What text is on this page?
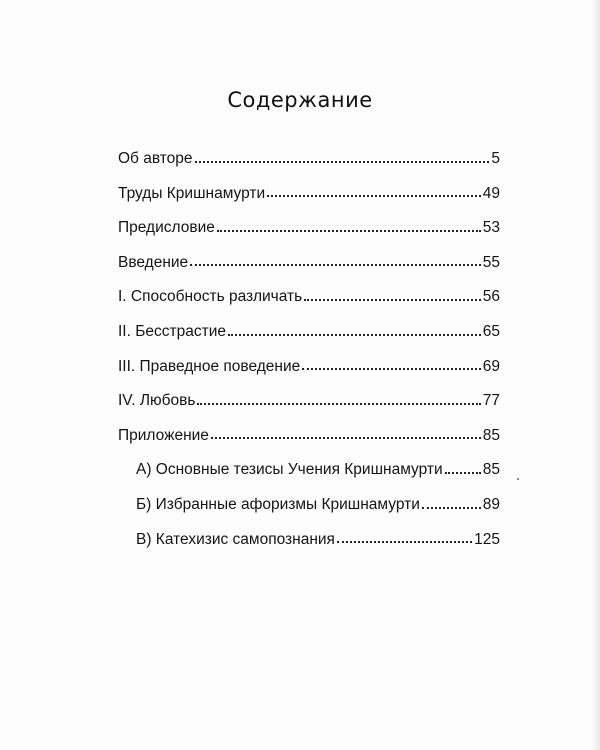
Содержание
Об авторе	5
Труды Кришнамурти	49
Предисловие	53
Введение	55
I. Способность различать	56
II. Бесстрастие	65
III. Праведное поведение	69
IV. Любовь	77
Приложение	85
А) Основные тезисы Учения Кришнамурти	85
Б) Избранные афоризмы Кришнамурти	89
В) Катехизис самопознания	125
